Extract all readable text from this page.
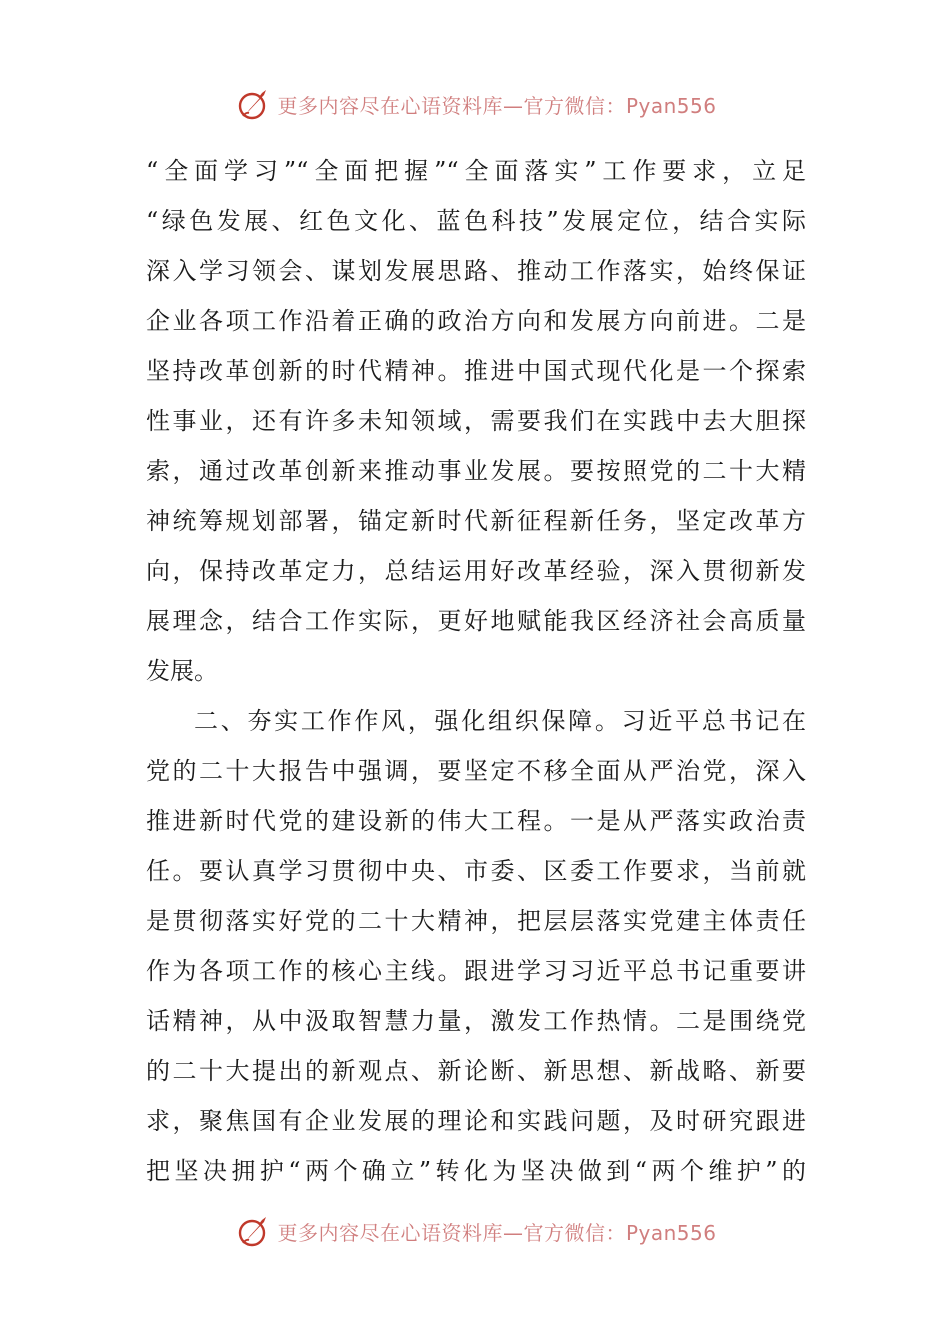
更多内容尽在心语资料库—官方微信：Pyan556
“全面学习”“全面把握”“全面落实”工作要求，立足
“绿色发展、红色文化、蓝色科技”发展定位，结合实际
深入学习领会、谋划发展思路、推动工作落实，始终保证
企业各项工作沿着正确的政治方向和发展方向前进。二是
坚持改革创新的时代精神。推进中国式现代化是一个探索
性事业，还有许多未知领域，需要我们在实践中去大胆探
索，通过改革创新来推动事业发展。要按照党的二十大精
神统筹规划部署，锚定新时代新征程新任务，坚定改革方
向，保持改革定力，总结运用好改革经验，深入贯彻新发
展理念，结合工作实际，更好地赋能我区经济社会高质量
发展。
二、夯实工作作风，强化组织保障。习近平总书记在
党的二十大报告中强调，要坚定不移全面从严治党，深入
推进新时代党的建设新的伟大工程。一是从严落实政治责
任。要认真学习贯彻中央、市委、区委工作要求，当前就
是贯彻落实好党的二十大精神，把层层落实党建主体责任
作为各项工作的核心主线。跟进学习习近平总书记重要讲
话精神，从中汲取智慧力量，激发工作热情。二是围绕党
的二十大提出的新观点、新论断、新思想、新战略、新要
求，聚焦国有企业发展的理论和实践问题，及时研究跟进
把坚决拥护“两个确立”转化为坚决做到“两个维护”的
更多内容尽在心语资料库—官方微信：Pyan556
